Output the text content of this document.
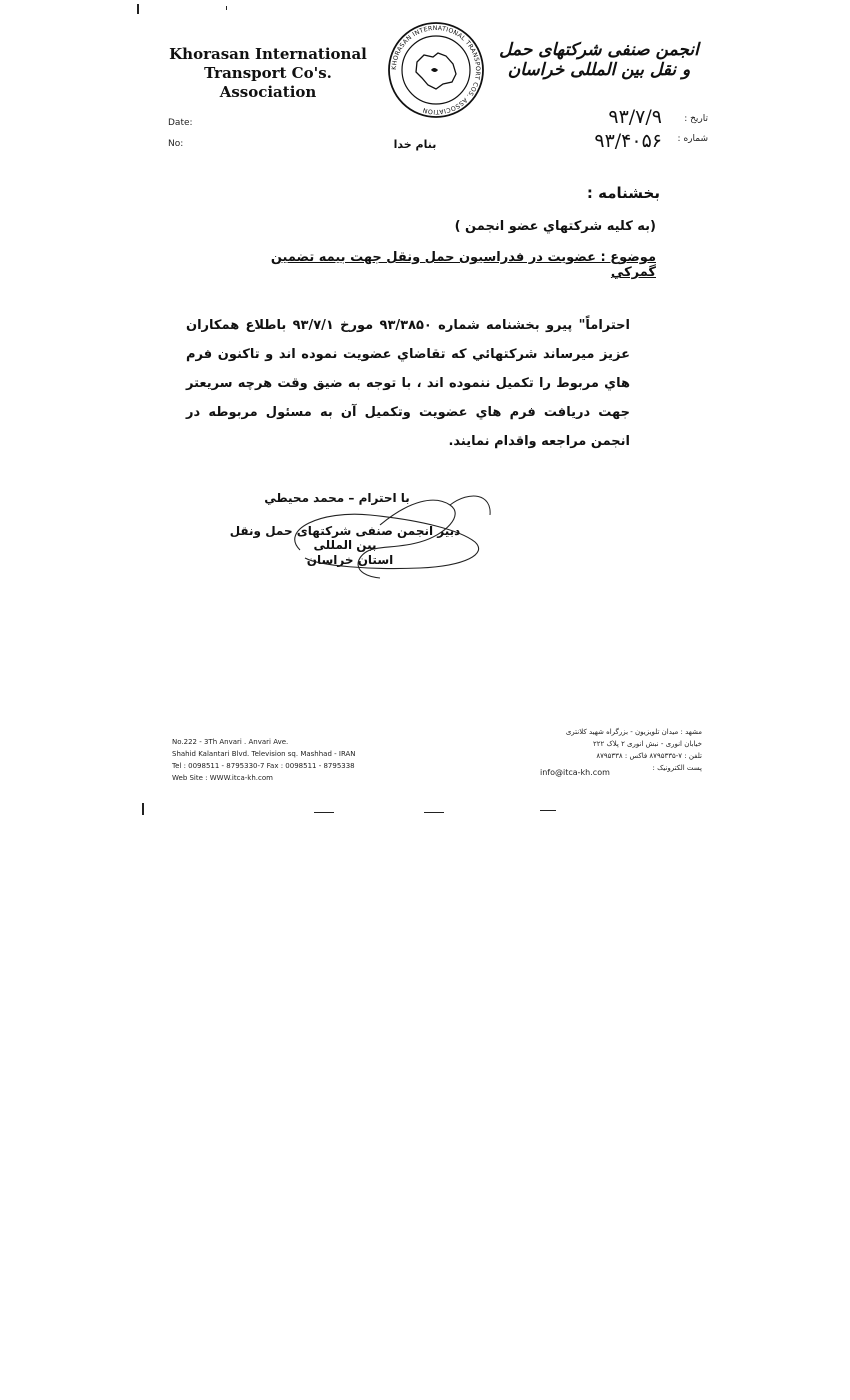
Khorasan International
Transport Co's. Association
KHORASAN INTERNATIONAL TRANSPORT COS. ASSOCIATION
انجمن صنفی شرکتهای حمل و نقل بین المللی خراسان
Date:
No:
تاریخ :
شماره :
۹۳/۷/۹
۹۳/۴۰۵۶
بنام خدا
بخشنامه :
(به کلیه شرکتهاي عضو انجمن )
موضوع : عضويت در فدراسيون حمل ونقل جهت بيمه تضمين گمركي
احتراماً" پيرو بخشنامه شماره ۹۳/۳۸۵۰ مورخ ۹۳/۷/۱ باطلاع همكاران عزيز ميرساند شركتهائي كه تقاضاي عضويت نموده اند و تاكنون فرم هاي مربوط را تكميل ننموده اند ، با توجه به ضيق وقت هرچه سريعتر جهت دريافت فرم هاي عضويت وتكميل آن به مسئول مربوطه در انجمن مراجعه واقدام نمايند.
با احترام – محمد محيطي
دبیر انجمن صنفی شرکتهای حمل ونقل بین المللی
استان خراسان
No.222 - 3Th Anvari . Anvari Ave.
Shahid Kalantari Blvd. Television sq. Mashhad - IRAN
Tel : 0098511 - 8795330-7 Fax : 0098511 - 8795338
Web Site : WWW.itca-kh.com
مشهد : میدان تلویزیون - بزرگراه شهید کلانتری
خیابان انوری - نبش انوری ۲ پلاک ۲۲۲
تلفن : ۷-۸۷۹۵۳۳۵ فاکس : ۸۷۹۵۳۳۸
پست الکترونیک :
info@itca-kh.com
